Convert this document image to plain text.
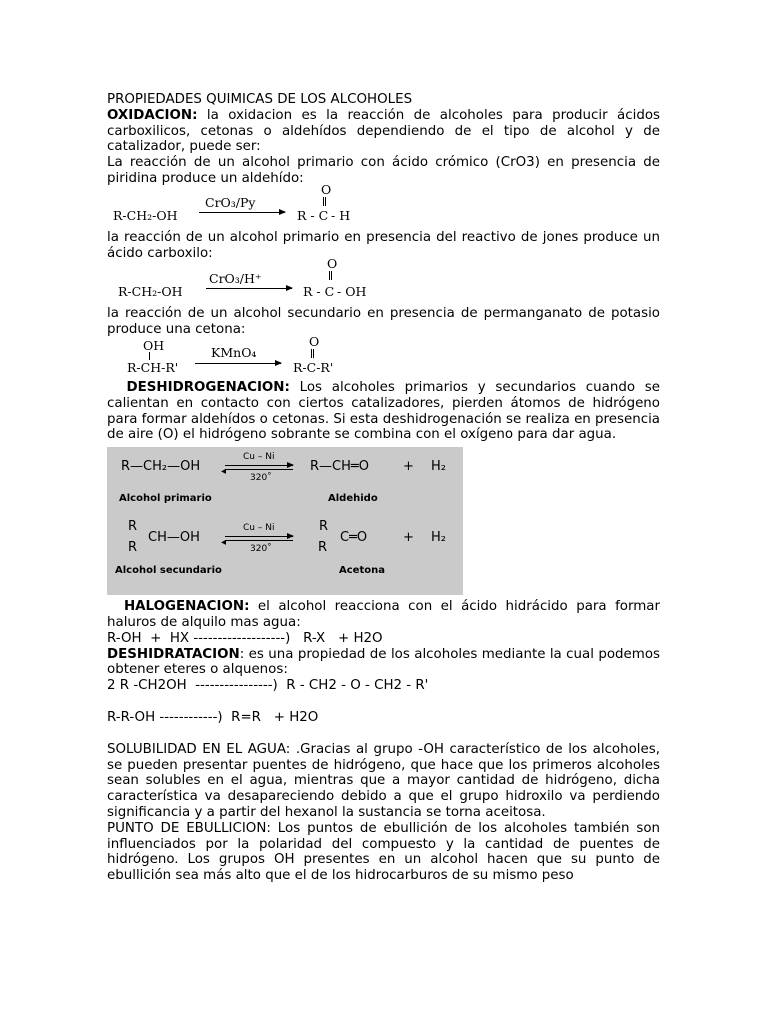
PROPIEDADES QUIMICAS DE LOS ALCOHOLES

OXIDACION: la oxidacion es la reacción de alcoholes para producir ácidos carboxilicos, cetonas o aldehídos dependiendo de el tipo de alcohol y de catalizador, puede ser:

La reacción de un alcohol primario con ácido crómico (CrO3) en presencia de piridina produce un aldehído:

R-CH₂-OH
CrO₃/Py
O
R - C - H

la reacción de un alcohol primario en presencia del reactivo de jones produce un ácido carboxilo:

R-CH₂-OH
CrO₃/H⁺
O
R - C - OH

la reacción de un alcohol secundario en presencia de permanganato de potasio produce una cetona:

OH
R-CH-R'
KMnO₄
O
R-C-R'

DESHIDROGENACION: Los alcoholes primarios y secundarios cuando se calientan en contacto con ciertos catalizadores, pierden átomos de hidrógeno para formar aldehídos o cetonas. Si esta deshidrogenación se realiza en presencia de aire (O) el hidrógeno sobrante se combina con el oxígeno para dar agua.

R—CH₂—OH
Cu – Ni
◂
320˚
R—CH═O	+ H₂
Alcohol primario	Aldehido
R
R
CH—OH
Cu – Ni
◂
320˚
R
R
C═O	+ H₂
Alcohol secundario	Acetona

HALOGENACION: el alcohol reacciona con el ácido hidrácido para formar haluros de alquilo mas agua:

R-OH  +  HX -------------------)   R-X   + H2O

DESHIDRATACION: es una propiedad de los alcoholes mediante la cual podemos obtener eteres o alquenos:

2 R -CH2OH  ----------------)  R - CH2 - O - CH2 - R'

R-R-OH ------------)  R=R   + H2O

SOLUBILIDAD EN EL AGUA: .Gracias al grupo -OH característico de los alcoholes, se pueden presentar puentes de hidrógeno, que hace que los primeros alcoholes sean solubles en el agua, mientras que a mayor cantidad de hidrógeno, dicha característica va desapareciendo debido a que el grupo hidroxilo va perdiendo significancia y a partir del hexanol la sustancia se torna aceitosa.

PUNTO DE EBULLICION: Los puntos de ebullición de los alcoholes también son influenciados por la polaridad del compuesto y la cantidad de puentes de hidrógeno. Los grupos OH presentes en un alcohol hacen que su punto de ebullición sea más alto que el de los hidrocarburos de su mismo peso
